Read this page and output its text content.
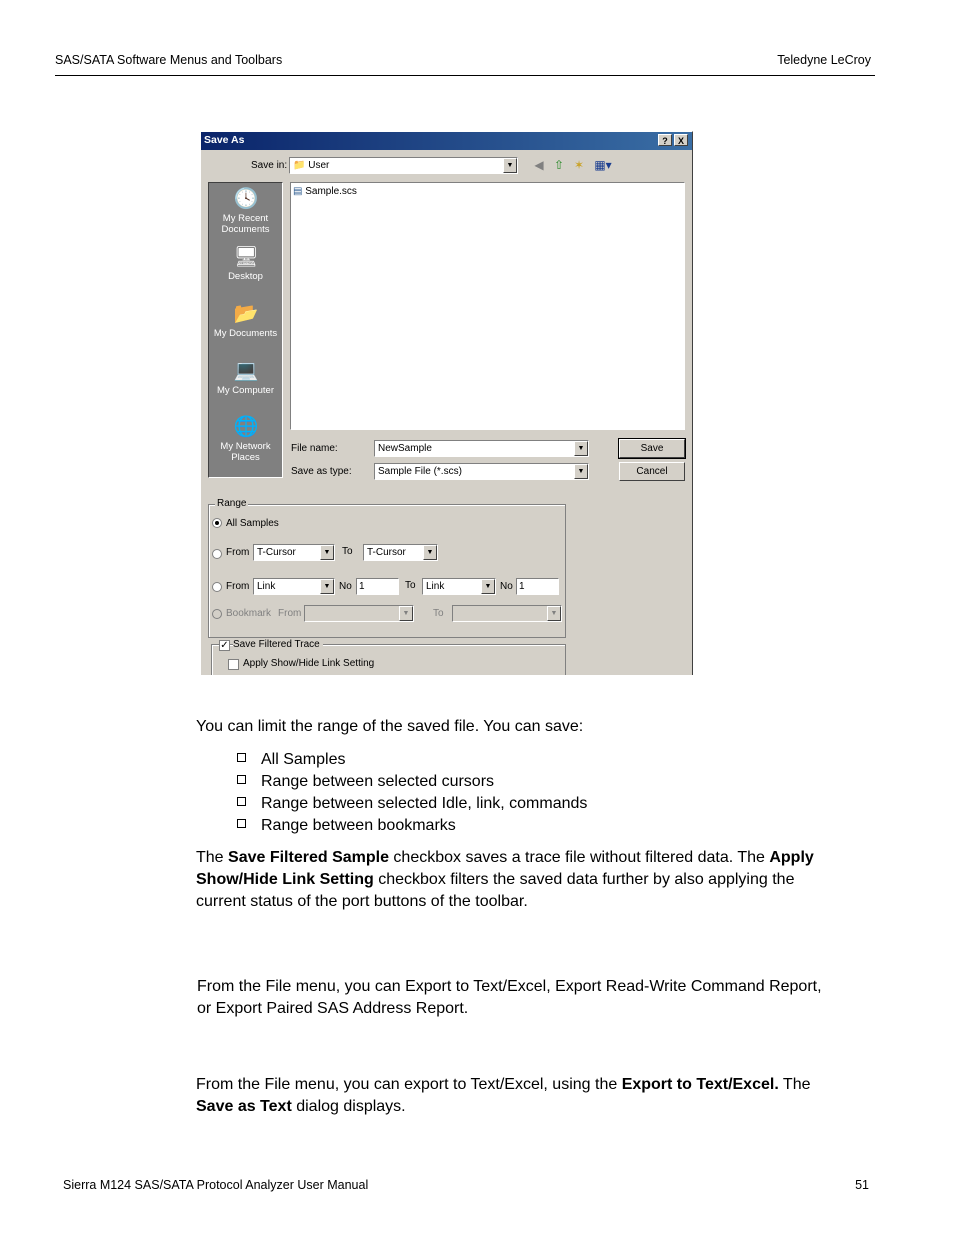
SAS/SATA Software Menus and Toolbars	Teledyne LeCroy
Save As	?	X
Save in: 📁 User	▼ ◀ ⇧ ✶ ▦▾
🕓
My Recent Documents
🖥
Desktop
📂
My Documents
💻
My Computer
🌐
My Network Places
▤ Sample.scs
File name:	NewSample	▼
Save as type:	Sample File (*.scs)	▼
Save
Cancel
Range
All Samples
From T-Cursor	▼	To T-Cursor	▼
From Link	▼ No 1	To Link	▼ No 1
Bookmark From	▼	To	▼
✓ Save Filtered Trace
Apply Show/Hide Link Setting
You can limit the range of the saved file. You can save:
All Samples
Range between selected cursors
Range between selected Idle, link, commands
Range between bookmarks
The Save Filtered Sample checkbox saves a trace file without filtered data. The Apply
Show/Hide Link Setting checkbox filters the saved data further by also applying the
current status of the port buttons of the toolbar.
From the File menu, you can Export to Text/Excel, Export Read-Write Command Report,
or Export Paired SAS Address Report.
From the File menu, you can export to Text/Excel, using the Export to Text/Excel. The
Save as Text dialog displays.
Sierra M124 SAS/SATA Protocol Analyzer User Manual	51
